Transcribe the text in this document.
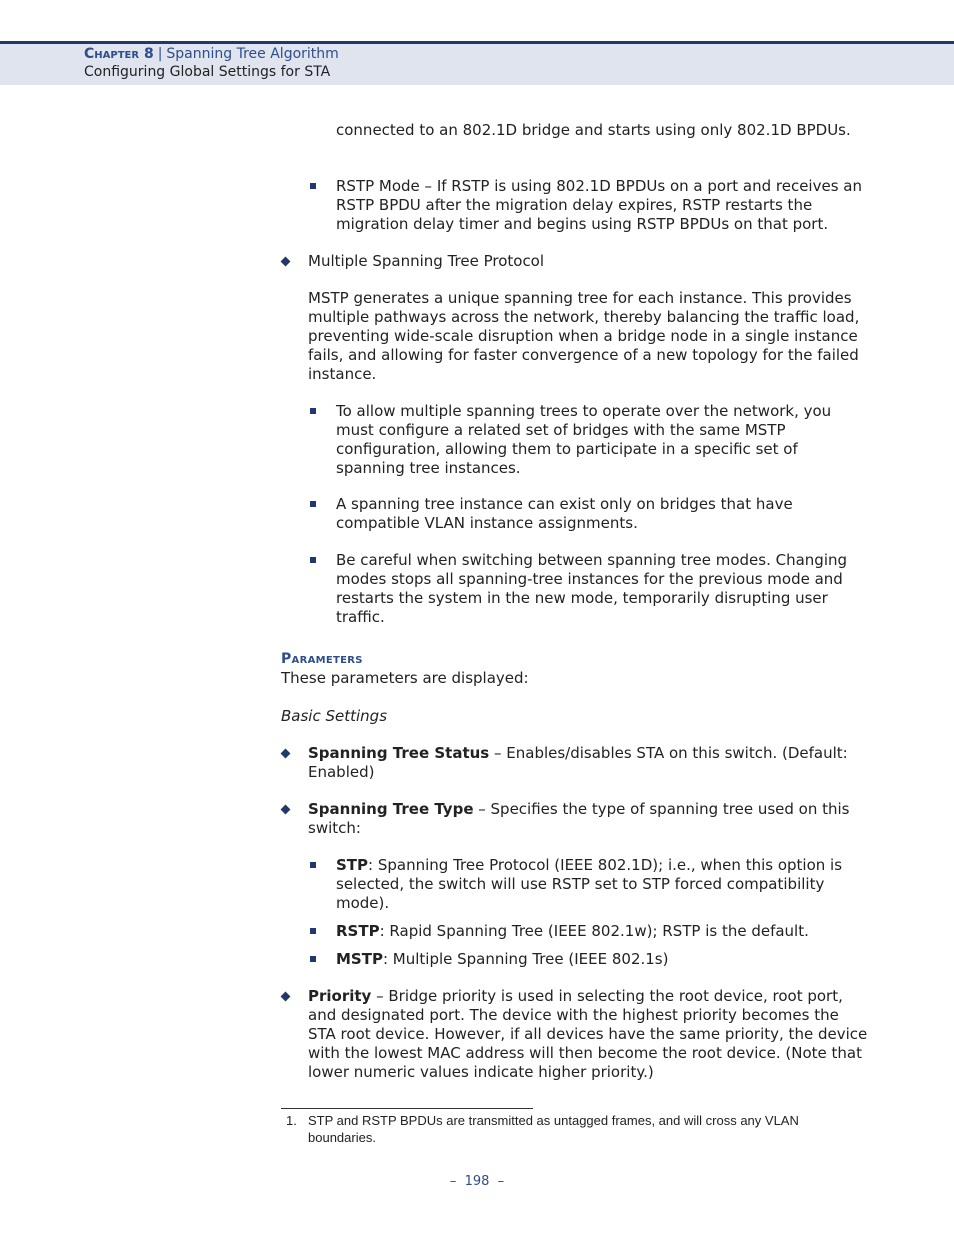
Chapter 8 | Spanning Tree Algorithm
Configuring Global Settings for STA
connected to an 802.1D bridge and starts using only 802.1D BPDUs.
RSTP Mode – If RSTP is using 802.1D BPDUs on a port and receives an RSTP BPDU after the migration delay expires, RSTP restarts the migration delay timer and begins using RSTP BPDUs on that port.
Multiple Spanning Tree Protocol
MSTP generates a unique spanning tree for each instance. This provides multiple pathways across the network, thereby balancing the traffic load, preventing wide-scale disruption when a bridge node in a single instance fails, and allowing for faster convergence of a new topology for the failed instance.
To allow multiple spanning trees to operate over the network, you must configure a related set of bridges with the same MSTP configuration, allowing them to participate in a specific set of spanning tree instances.
A spanning tree instance can exist only on bridges that have compatible VLAN instance assignments.
Be careful when switching between spanning tree modes. Changing modes stops all spanning-tree instances for the previous mode and restarts the system in the new mode, temporarily disrupting user traffic.
Parameters
These parameters are displayed:
Basic Settings
Spanning Tree Status – Enables/disables STA on this switch. (Default: Enabled)
Spanning Tree Type – Specifies the type of spanning tree used on this switch:
STP: Spanning Tree Protocol (IEEE 802.1D); i.e., when this option is selected, the switch will use RSTP set to STP forced compatibility mode).
RSTP: Rapid Spanning Tree (IEEE 802.1w); RSTP is the default.
MSTP: Multiple Spanning Tree (IEEE 802.1s)
Priority – Bridge priority is used in selecting the root device, root port, and designated port. The device with the highest priority becomes the STA root device. However, if all devices have the same priority, the device with the lowest MAC address will then become the root device. (Note that lower numeric values indicate higher priority.)
1. STP and RSTP BPDUs are transmitted as untagged frames, and will cross any VLAN boundaries.
–  198  –
